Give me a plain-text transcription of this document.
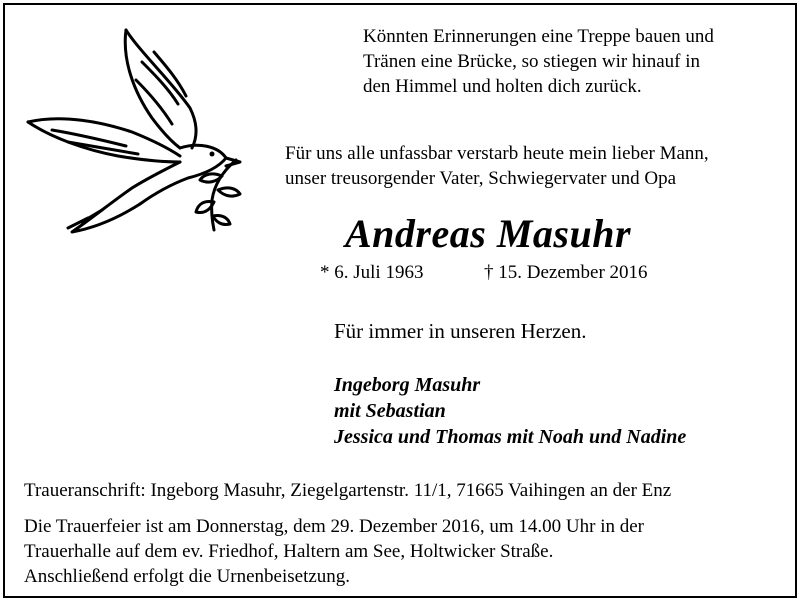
Könnten Erinnerungen eine Treppe bauen und
Tränen eine Brücke, so stiegen wir hinauf in
den Himmel und holten dich zurück.
Für uns alle unfassbar verstarb heute mein lieber Mann,
unser treusorgender Vater, Schwiegervater und Opa
Andreas Masuhr
* 6. Juli 1963	† 15. Dezember 2016
Für immer in unseren Herzen.
Ingeborg Masuhr
mit Sebastian
Jessica und Thomas mit Noah und Nadine
Traueranschrift: Ingeborg Masuhr, Ziegelgartenstr. 11/1, 71665 Vaihingen an der Enz
Die Trauerfeier ist am Donnerstag, dem 29. Dezember 2016, um 14.00 Uhr in der
Trauerhalle auf dem ev. Friedhof, Haltern am See, Holtwicker Straße.
Anschließend erfolgt die Urnenbeisetzung.
